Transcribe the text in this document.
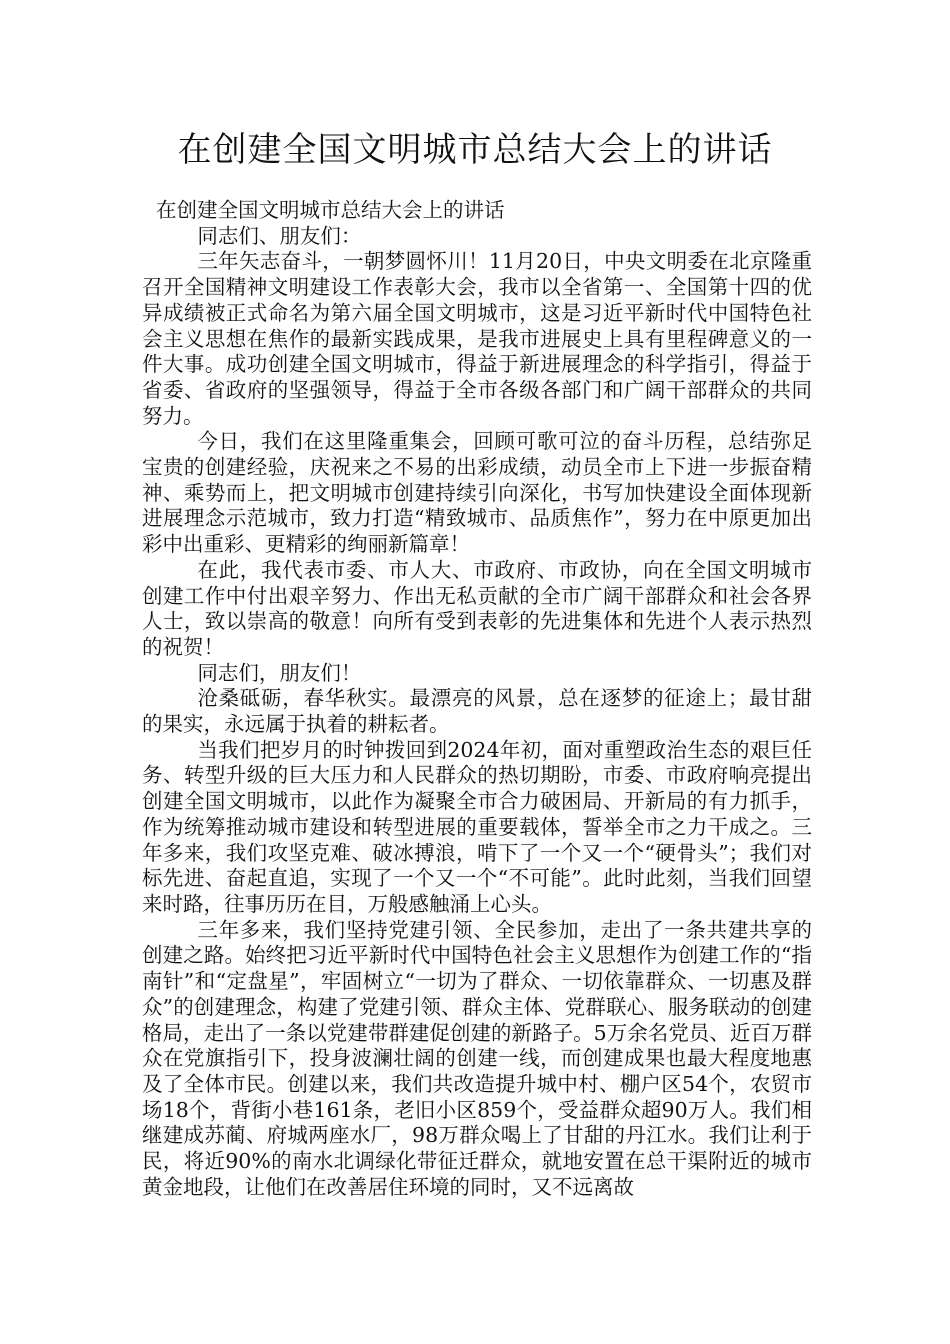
在创建全国文明城市总结大会上的讲话

在创建全国文明城市总结大会上的讲话

同志们、朋友们：

三年矢志奋斗，一朝梦圆怀川！11月20日，中央文明委在北京隆重召开全国精神文明建设工作表彰大会，我市以全省第一、全国第十四的优异成绩被正式命名为第六届全国文明城市，这是习近平新时代中国特色社会主义思想在焦作的最新实践成果，是我市进展史上具有里程碑意义的一件大事。成功创建全国文明城市，得益于新进展理念的科学指引，得益于省委、省政府的坚强领导，得益于全市各级各部门和广阔干部群众的共同努力。

今日，我们在这里隆重集会，回顾可歌可泣的奋斗历程，总结弥足宝贵的创建经验，庆祝来之不易的出彩成绩，动员全市上下进一步振奋精神、乘势而上，把文明城市创建持续引向深化，书写加快建设全面体现新进展理念示范城市，致力打造“精致城市、品质焦作”，努力在中原更加出彩中出重彩、更精彩的绚丽新篇章！

在此，我代表市委、市人大、市政府、市政协，向在全国文明城市创建工作中付出艰辛努力、作出无私贡献的全市广阔干部群众和社会各界人士，致以崇高的敬意！向所有受到表彰的先进集体和先进个人表示热烈的祝贺！

同志们，朋友们！

沧桑砥砺，春华秋实。最漂亮的风景，总在逐梦的征途上；最甘甜的果实，永远属于执着的耕耘者。

当我们把岁月的时钟拨回到2024年初，面对重塑政治生态的艰巨任务、转型升级的巨大压力和人民群众的热切期盼，市委、市政府响亮提出创建全国文明城市，以此作为凝聚全市合力破困局、开新局的有力抓手，作为统筹推动城市建设和转型进展的重要载体，誓举全市之力干成之。三年多来，我们攻坚克难、破冰搏浪，啃下了一个又一个“硬骨头”；我们对标先进、奋起直追，实现了一个又一个“不可能”。此时此刻，当我们回望来时路，往事历历在目，万般感触涌上心头。

三年多来，我们坚持党建引领、全民参加，走出了一条共建共享的创建之路。始终把习近平新时代中国特色社会主义思想作为创建工作的“指南针”和“定盘星”，牢固树立“一切为了群众、一切依靠群众、一切惠及群众”的创建理念，构建了党建引领、群众主体、党群联心、服务联动的创建格局，走出了一条以党建带群建促创建的新路子。5万余名党员、近百万群众在党旗指引下，投身波澜壮阔的创建一线，而创建成果也最大程度地惠及了全体市民。创建以来，我们共改造提升城中村、棚户区54个，农贸市场18个，背街小巷161条，老旧小区859个，受益群众超90万人。我们相继建成苏蔺、府城两座水厂，98万群众喝上了甘甜的丹江水。我们让利于民，将近90%的南水北调绿化带征迁群众，就地安置在总干渠附近的城市黄金地段，让他们在改善居住环境的同时，又不远离故
